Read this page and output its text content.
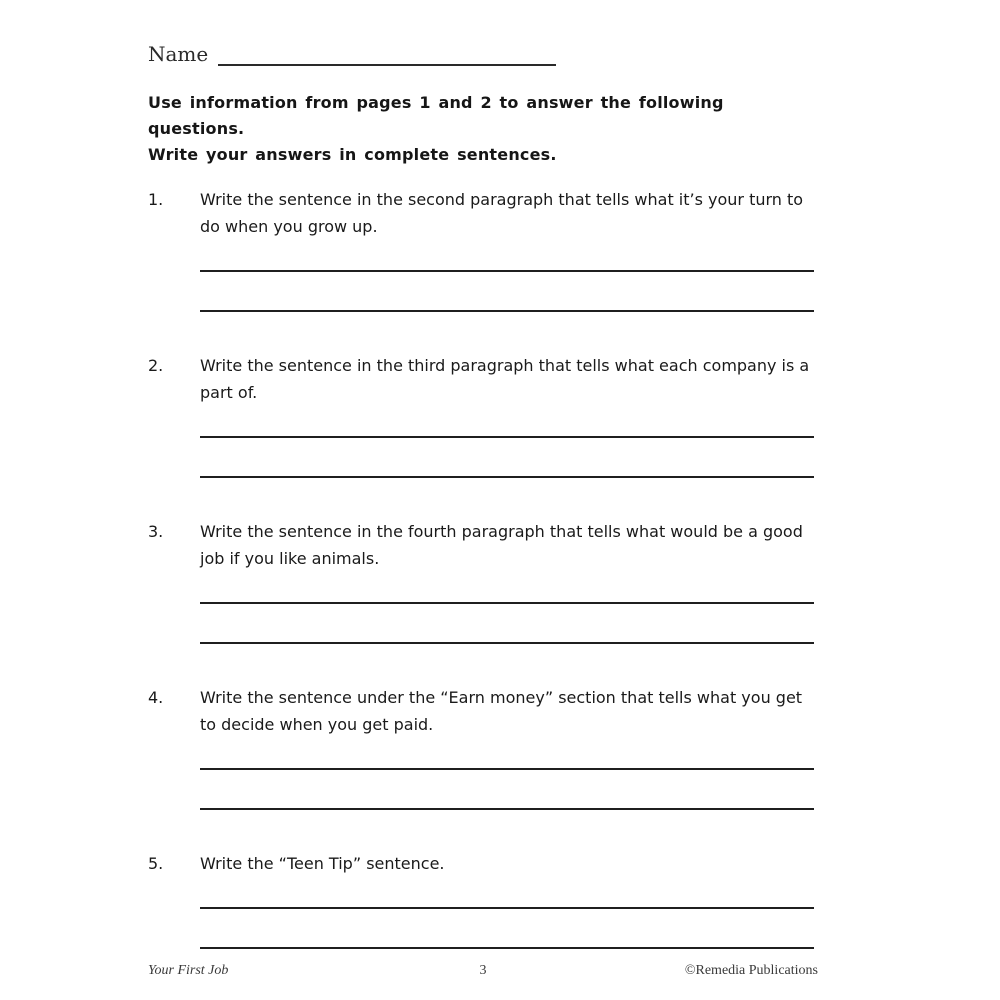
Name
Use information from pages 1 and 2 to answer the following questions.
Write your answers in complete sentences.
1.	Write the sentence in the second paragraph that tells what it’s your turn to do when you grow up.
2.	Write the sentence in the third paragraph that tells what each company is a part of.
3.	Write the sentence in the fourth paragraph that tells what would be a good job if you like animals.
4.	Write the sentence under the “Earn money” section that tells what you get to decide when you get paid.
5.	Write the “Teen Tip” sentence.
Your First Job	3	©Remedia Publications
